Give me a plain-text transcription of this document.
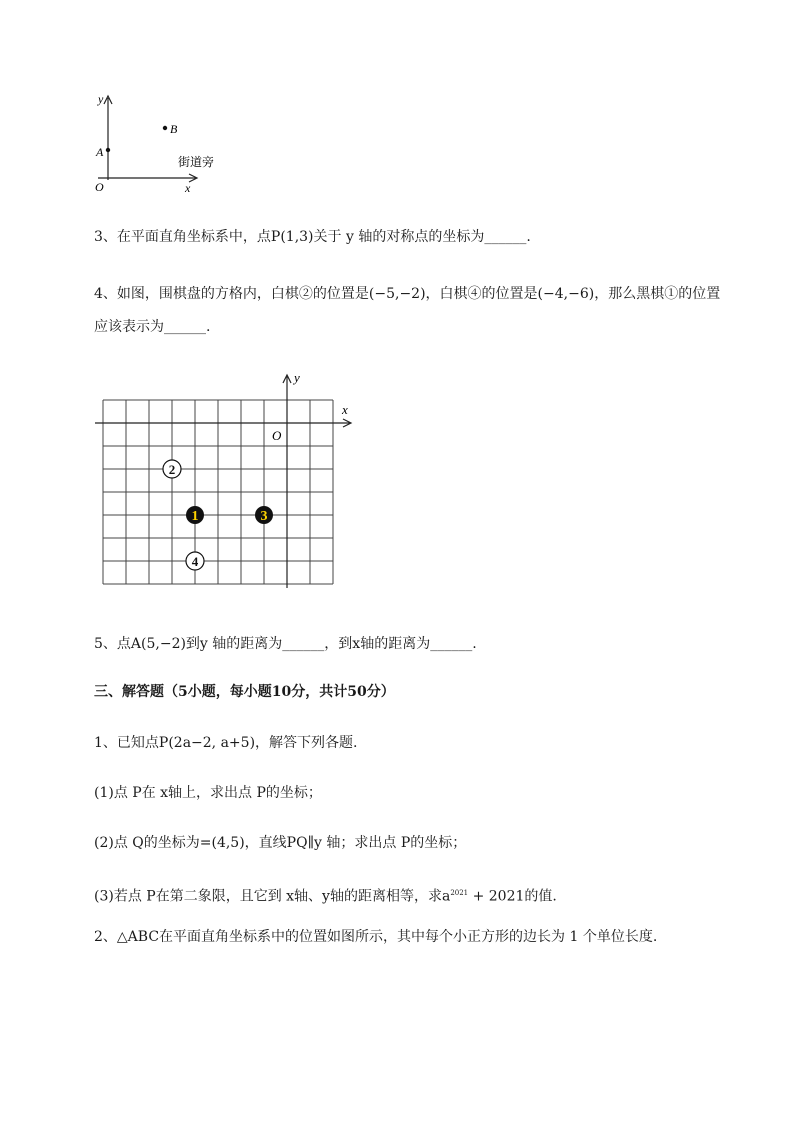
y
A
B
O	x
街道旁
3、在平面直角坐标系中，点P(1,3)关于 y 轴的对称点的坐标为______.
4、如图，围棋盘的方格内，白棋②的位置是(−5,−2)，白棋④的位置是(−4,−6)，那么黑棋①的位置
应该表示为______.
x
y
O
2
1	3
4
5、点A(5,−2)到y 轴的距离为______，到x轴的距离为______.
三、解答题（5小题，每小题10分，共计50分）
1、已知点P(2a−2, a+5)，解答下列各题.
(1)点 P在 x轴上，求出点 P的坐标；
(2)点 Q的坐标为=(4,5)，直线PQ∥y 轴；求出点 P的坐标；
(3)若点 P在第二象限，且它到 x轴、y轴的距离相等，求$a^{2021} + 2021$的值.
2、△ABC在平面直角坐标系中的位置如图所示，其中每个小正方形的边长为 1 个单位长度.
